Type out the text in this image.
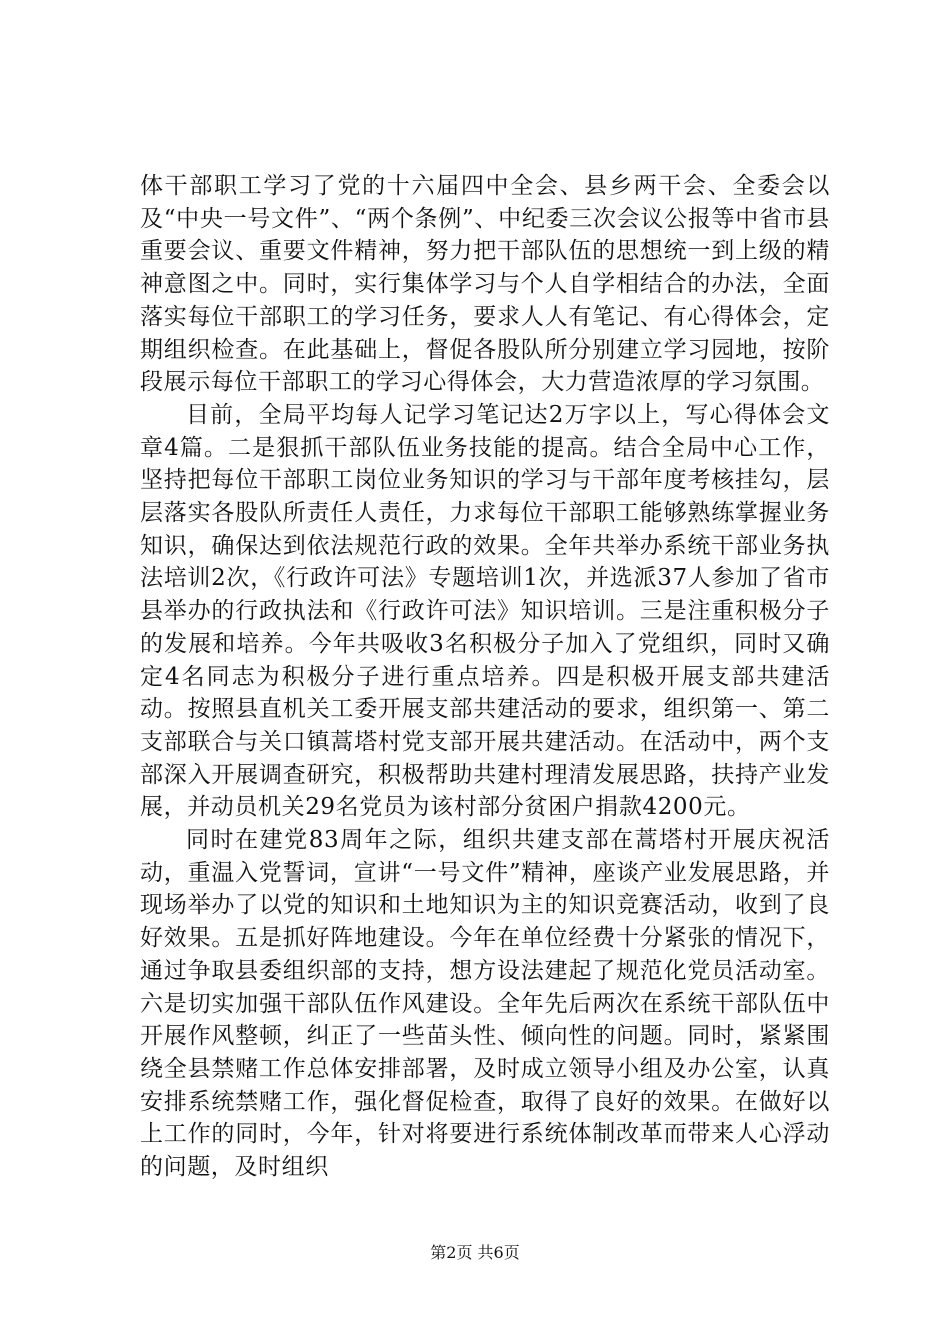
体干部职工学习了党的十六届四中全会、县乡两干会、全委会以及“中央一号文件”、“两个条例”、中纪委三次会议公报等中省市县重要会议、重要文件精神，努力把干部队伍的思想统一到上级的精神意图之中。同时，实行集体学习与个人自学相结合的办法，全面落实每位干部职工的学习任务，要求人人有笔记、有心得体会，定期组织检查。在此基础上，督促各股队所分别建立学习园地，按阶段展示每位干部职工的学习心得体会，大力营造浓厚的学习氛围。

目前，全局平均每人记学习笔记达2万字以上，写心得体会文章4篇。二是狠抓干部队伍业务技能的提高。结合全局中心工作，坚持把每位干部职工岗位业务知识的学习与干部年度考核挂勾，层层落实各股队所责任人责任，力求每位干部职工能够熟练掌握业务知识，确保达到依法规范行政的效果。全年共举办系统干部业务执法培训2次，《行政许可法》专题培训1次，并选派37人参加了省市县举办的行政执法和《行政许可法》知识培训。三是注重积极分子的发展和培养。今年共吸收3名积极分子加入了党组织，同时又确定4名同志为积极分子进行重点培养。四是积极开展支部共建活动。按照县直机关工委开展支部共建活动的要求，组织第一、第二支部联合与关口镇蒿塔村党支部开展共建活动。在活动中，两个支部深入开展调查研究，积极帮助共建村理清发展思路，扶持产业发展，并动员机关29名党员为该村部分贫困户捐款4200元。

同时在建党83周年之际，组织共建支部在蒿塔村开展庆祝活动，重温入党誓词，宣讲“一号文件”精神，座谈产业发展思路，并现场举办了以党的知识和土地知识为主的知识竞赛活动，收到了良好效果。五是抓好阵地建设。今年在单位经费十分紧张的情况下，通过争取县委组织部的支持，想方设法建起了规范化党员活动室。六是切实加强干部队伍作风建设。全年先后两次在系统干部队伍中开展作风整顿，纠正了一些苗头性、倾向性的问题。同时，紧紧围绕全县禁赌工作总体安排部署，及时成立领导小组及办公室，认真安排系统禁赌工作，强化督促检查，取得了良好的效果。在做好以上工作的同时，今年，针对将要进行系统体制改革而带来人心浮动的问题，及时组织

第2页 共6页
